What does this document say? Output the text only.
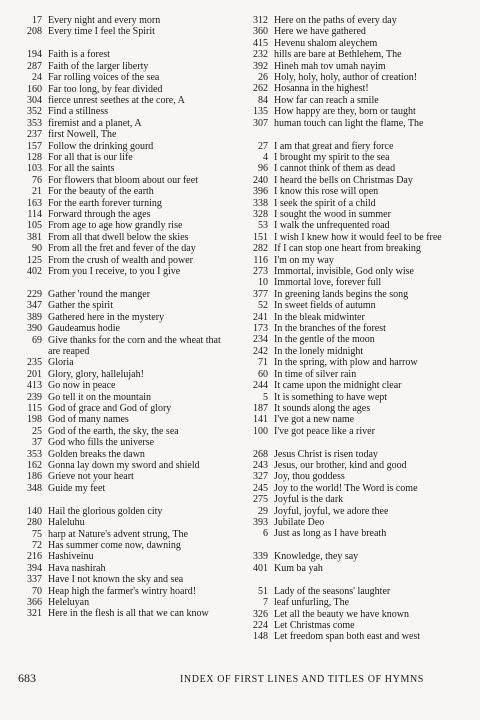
17 Every night and every morn
208 Every time I feel the Spirit
194 Faith is a forest
287 Faith of the larger liberty
24 Far rolling voices of the sea
160 Far too long, by fear divided
304 fierce unrest seethes at the core, A
352 Find a stillness
353 firemist and a planet, A
237 first Nowell, The
157 Follow the drinking gourd
128 For all that is our life
103 For all the saints
76 For flowers that bloom about our feet
21 For the beauty of the earth
163 For the earth forever turning
114 Forward through the ages
105 From age to age how grandly rise
381 From all that dwell below the skies
90 From all the fret and fever of the day
125 From the crush of wealth and power
402 From you I receive, to you I give
229 Gather 'round the manger
347 Gather the spirit
389 Gathered here in the mystery
390 Gaudeamus hodie
69 Give thanks for the corn and the wheat that are reaped
235 Gloria
201 Glory, glory, hallelujah!
413 Go now in peace
239 Go tell it on the mountain
115 God of grace and God of glory
198 God of many names
25 God of the earth, the sky, the sea
37 God who fills the universe
353 Golden breaks the dawn
162 Gonna lay down my sword and shield
186 Grieve not your heart
348 Guide my feet
140 Hail the glorious golden city
280 Haleluhu
75 harp at Nature's advent strung, The
72 Has summer come now, dawning
216 Hashiveinu
394 Hava nashirah
337 Have I not known the sky and sea
70 Heap high the farmer's wintry hoard!
366 Heleluyan
321 Here in the flesh is all that we can know
312 Here on the paths of every day
360 Here we have gathered
415 Hevenu shalom aleychem
232 hills are bare at Bethlehem, The
392 Hineh mah tov umah nayim
26 Holy, holy, holy, author of creation!
262 Hosanna in the highest!
84 How far can reach a smile
135 How happy are they, born or taught
307 human touch can light the flame, The
27 I am that great and fiery force
4 I brought my spirit to the sea
96 I cannot think of them as dead
240 I heard the bells on Christmas Day
396 I know this rose will open
338 I seek the spirit of a child
328 I sought the wood in summer
53 I walk the unfrequented road
151 I wish I knew how it would feel to be free
282 If I can stop one heart from breaking
116 I'm on my way
273 Immortal, invisible, God only wise
10 Immortal love, forever full
377 In greening lands begins the song
52 In sweet fields of autumn
241 In the bleak midwinter
173 In the branches of the forest
234 In the gentle of the moon
242 In the lonely midnight
71 In the spring, with plow and harrow
60 In time of silver rain
244 It came upon the midnight clear
5 It is something to have wept
187 It sounds along the ages
141 I've got a new name
100 I've got peace like a river
268 Jesus Christ is risen today
243 Jesus, our brother, kind and good
327 Joy, thou goddess
245 Joy to the world! The Word is come
275 Joyful is the dark
29 Joyful, joyful, we adore thee
393 Jubilate Deo
6 Just as long as I have breath
339 Knowledge, they say
401 Kum ba yah
51 Lady of the seasons' laughter
7 leaf unfurling, The
326 Let all the beauty we have known
224 Let Christmas come
148 Let freedom span both east and west
683	INDEX OF FIRST LINES AND TITLES OF HYMNS
